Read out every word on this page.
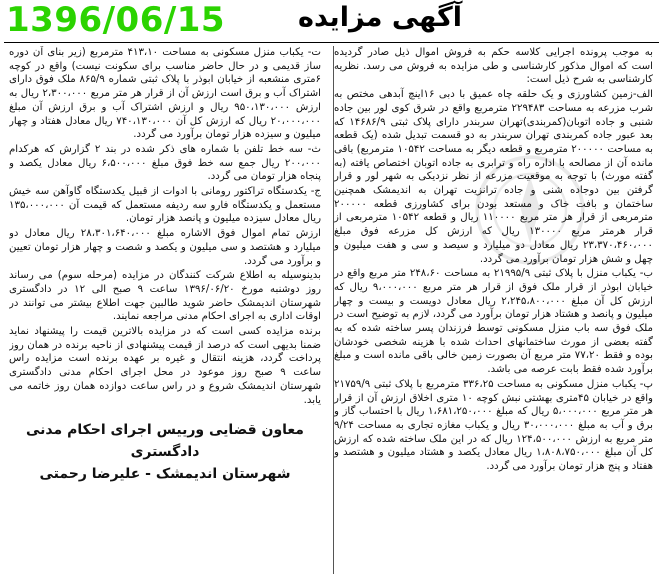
1396/06/15	آگهی مزایده

به موجب پرونده اجرایی کلاسه حکم به فروش اموال ذیل صادر گردیده است که اموال مذکور کارشناسی و طی مزایده به فروش می رسد. نظریه کارشناسی به شرح ذیل است:

الف-زمین کشاورزی و یک حلقه چاه عمیق با دبی ۱۶اینچ آبدهی مختص به شرب مزرعه به مساحت ۲۲۹۴۸۳ مترمربع واقع در شرق کوی لور بین جاده شنبی و جاده اتوبان(کمربندی)تهران سربندر دارای پلاک ثبتی ۱۴۶۸۶/۹ که بعد عبور جاده کمربندی تهران سربندر به دو قسمت تبدیل شده (یک قطعه به مساحت ۲۰۰۰۰۰ مترمربع و قطعه دیگر به مساحت ۱۰۵۴۲ مترمربع) باقی مانده آن از مصالحه با اداره راه و ترابری به جاده اتوبان اختصاص یافته (به گفته مورث) با توجه به موقعیت مزرعه از نظر نزدیکی به شهر لور و قرار گرفتن بین دوجاده شنی و جاده ترانزیت تهران به اندیمشک همچنین ساختمان و بافت خاک و مستعد بودن برای کشاورزی قطعه ۲۰۰۰۰۰ مترمربعی از قرار هر متر مربع ۱۱۰۰۰۰ ریال و قطعه ۱۰۵۴۲ مترمربعی از قرار هرمتر مربع ۱۳۰۰۰۰ ریال که ارزش کل مزرعه فوق مبلغ ۲۳،۳۷۰،۴۶۰،۰۰۰ ریال معادل دو میلیارد و سیصد و سی و هفت میلیون و چهل و شش هزار تومان برآورد می گردد.

ب- یکباب منزل با پلاک ثبتی ۲۱۹۹۵/۹ به مساحت ۲۴۸،۶۰ متر مربع واقع در خیابان ابوذر از قرار ملک فوق از قرار هر متر مربع ۹،۰۰۰،۰۰۰ ریال که ارزش کل آن مبلغ ۲،۲۴۵،۸۰۰،۰۰۰ ریال معادل دویست و بیست و چهار میلیون و پانصد و هشتاد هزار تومان برآورد می گردد، لازم به توضیح است در ملک فوق سه باب منزل مسکونی توسط فرزندان پسر ساخته شده که به گفته بعضی از مورث ساختمانهای احداث شده با هزینه شخصی خودشان بوده و فقط ۷۷،۲۰ متر مربع آن بصورت زمین خالی باقی مانده است و مبلغ برآورد شده فقط بابت عرصه می باشد.

پ- یکباب منزل مسکونی به مساحت ۳۳۶،۲۵ مترمربع با پلاک ثبتی ۲۱۷۵۹/۹ واقع در خیابان ۴۵متری بهشتی نبش کوچه ۱۰ متری اخلاق ارزش آن از قرار هر متر مربع ۵،۰۰۰،۰۰۰ ریال که مبلغ ۱،۶۸۱،۲۵۰،۰۰۰ ریال با احتساب گاز و برق و آب به مبلغ ۳۰،۰۰۰،۰۰۰ ریال و یکباب مغازه تجاری به مساحت ۹/۲۴ متر مربع به ارزش ۱۲۴،۵۰۰،۰۰۰ ریال که در این ملک ساخته شده که ارزش کل آن مبلغ ۱،۸۰۸،۷۵۰،۰۰۰ ریال معادل یکصد و هشتاد میلیون و هشتصد و هفتاد و پنج هزار تومان برآورد می گردد.

ت- یکباب منزل مسکونی به مساحت ۴۱۳،۱۰ مترمربع (زیر بنای آن دوره ساز قدیمی و در حال حاضر مناسب برای سکونت نیست) واقع در کوچه ۶متری منشعبه از خیابان ابوذر با پلاک ثبتی شماره ۸۶۵/۹ ملک فوق دارای اشتراک آب و برق است ارزش آن از قرار هر متر مربع ۲،۳۰۰،۰۰۰ ریال به ارزش ۹۵۰،۱۳۰،۰۰۰ ریال و ارزش اشتراک آب و برق ارزش آن مبلغ ۲۰،۰۰۰،۰۰۰ ریال که ارزش کل آن ۷۴۰،۱۳۰،۰۰۰ ریال معادل هفتاد و چهار میلیون و سیزده هزار تومان برآورد می گردد.

ث- سه خط تلفن با شماره های ذکر شده در بند ۲ گزارش که هرکدام ۲۰۰،۰۰۰ ریال جمع سه خط فوق مبلغ ۶،۵۰۰،۰۰۰ ریال معادل یکصد و پنجاه هزار تومان می گردد.

ج- یکدستگاه تراکتور رومانی با ادوات از قبیل یکدستگاه گاوآهن سه خیش مستعمل و یکدستگاه فارو سه ردیفه مستعمل که قیمت آن ۱۳۵،۰۰۰،۰۰۰ ریال معادل سیزده میلیون و پانصد هزار تومان.

ارزش تمام اموال فوق الاشاره مبلغ ۲۸،۳۰۱،۶۴۰،۰۰۰ ریال معادل دو میلیارد و هشتصد و سی میلیون و یکصد و شصت و چهار هزار تومان تعیین و برآورد می گردد.

بدینوسیله به اطلاع شرکت کنندگان در مزایده (مرحله سوم) می رساند روز دوشنبه مورخ ۱۳۹۶/۰۶/۲۰ ساعت ۹ صبح الی ۱۲ در دادگستری شهرستان اندیمشک حاضر شوید طالبین جهت اطلاع بیشتر می توانند در اوقات اداری به اجرای احکام مدنی مراجعه نمایند.

برنده مزایده کسی است که در مزایده بالاترین قیمت را پیشنهاد نماید ضمنا بدیهی است که درصد از قیمت پیشنهادی از ناحیه برنده در همان روز پرداخت گردد، هزینه انتقال و غیره بر عهده برنده است مزایده راس ساعت ۹ صبح روز موعود در محل اجرای احکام مدنی دادگستری شهرستان اندیمشک شروع و در راس ساعت دوازده همان روز خاتمه می یابد.

معاون قضایی ورییس اجرای احکام مدنی دادگستری
شهرستان اندیمشک - علیرضا رحمتی
